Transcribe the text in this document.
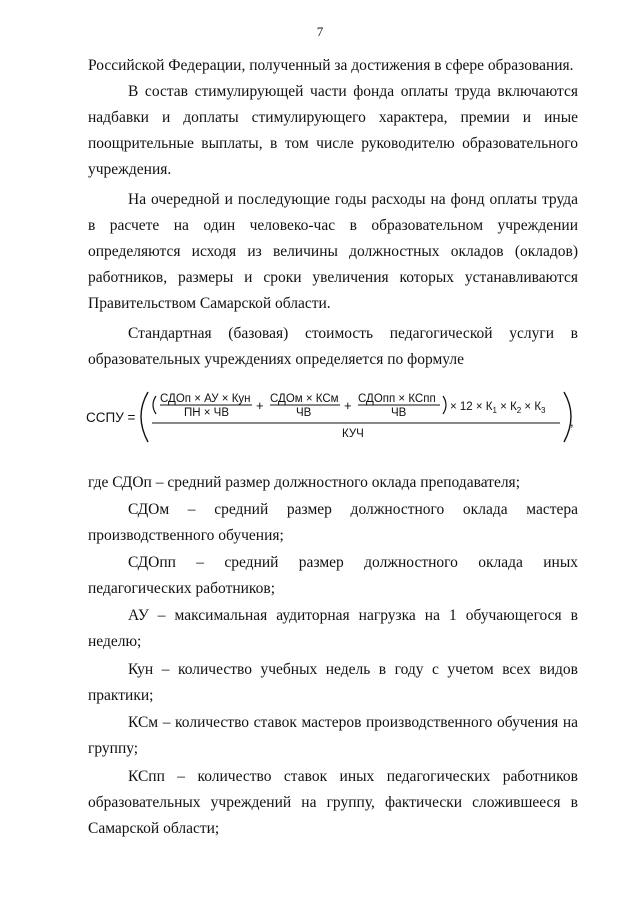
7

Российской Федерации, полученный за достижения в сфере образования.

В состав стимулирующей части фонда оплаты труда включаются надбавки и доплаты стимулирующего характера, премии и иные поощрительные выплаты, в том числе руководителю образовательного учреждения.

На очередной и последующие годы расходы на фонд оплаты труда в расчете на один человеко-час в образовательном учреждении определяются исходя из величины должностных окладов (окладов) работников, размеры и сроки увеличения которых устанавливаются Правительством Самарской области.

Стандартная (базовая) стоимость педагогической услуги в образовательных учреждениях определяется по формуле

ССПУ =
СДОп × АУ × Кун
ПН × ЧВ + СДОм × КСм
ЧВ	+ СДОпп × КСпп
ЧВ	× $12 \times К_1 \times К_2 \times К_3$
КУЧ
,

где СДОп – средний размер должностного оклада преподавателя;

СДОм – средний размер должностного оклада мастера производственного обучения;

СДОпп – средний размер должностного оклада иных педагогических работников;

АУ – максимальная аудиторная нагрузка на 1 обучающегося в неделю;

Кун – количество учебных недель в году с учетом всех видов практики;

КСм – количество ставок мастеров производственного обучения на группу;

КСпп – количество ставок иных педагогических работников образовательных учреждений на группу, фактически сложившееся в Самарской области;
